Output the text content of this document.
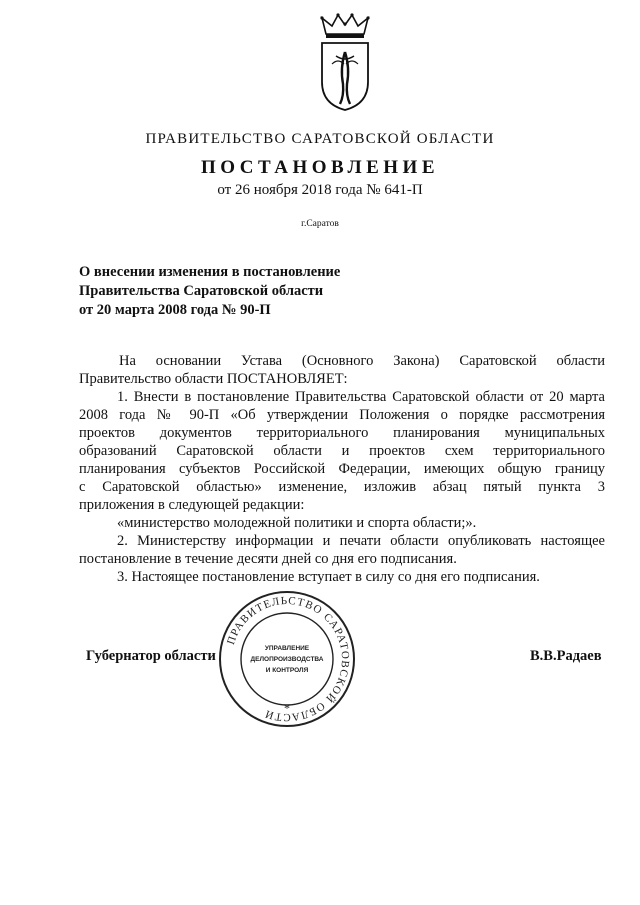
ПРАВИТЕЛЬСТВО САРАТОВСКОЙ ОБЛАСТИ
ПОСТАНОВЛЕНИЕ
от 26 ноября 2018 года № 641-П
г.Саратов
О внесении изменения в постановление
Правительства Саратовской области
от 20 марта 2008 года № 90-П
На основании Устава (Основного Закона) Саратовской области
Правительство области ПОСТАНОВЛЯЕТ:
1. Внести в постановление Правительства Саратовской области от 20 марта
2008 года № 90-П «Об утверждении Положения о порядке рассмотрения
проектов документов территориального планирования муниципальных
образований Саратовской области и проектов схем территориального
планирования субъектов Российской Федерации, имеющих общую границу
с Саратовской областью» изменение, изложив абзац пятый пункта 3
приложения в следующей редакции:
«министерство молодежной политики и спорта области;».
2. Министерству информации и печати области опубликовать настоящее
постановление в течение десяти дней со дня его подписания.
3. Настоящее постановление вступает в силу со дня его подписания.
Губернатор области	В.В.Радаев
ПРАВИТЕЛЬСТВО САРАТОВСКОЙ ОБЛАСТИ
УПРАВЛЕНИЕ
ДЕЛОПРОИЗВОДСТВА
И КОНТРОЛЯ
*
